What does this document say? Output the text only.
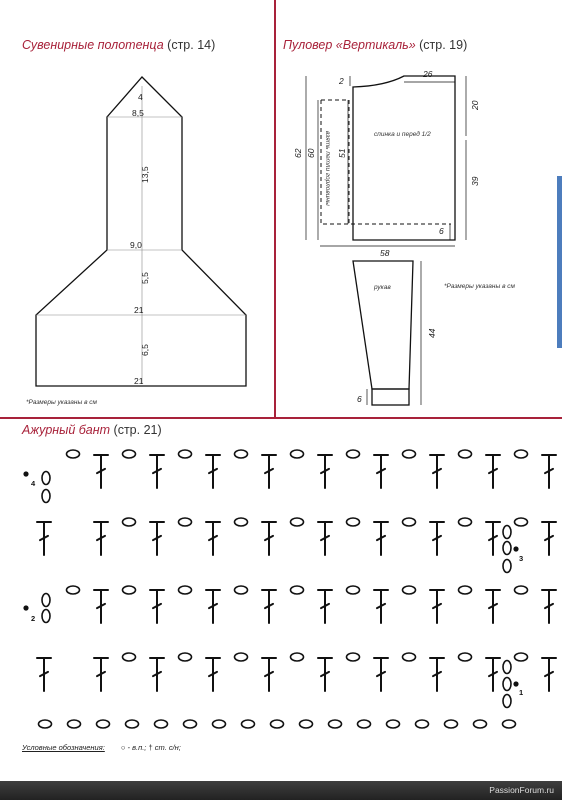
Сувенирные полотенца (стр. 14)	Пуловер «Вертикаль» (стр. 19)
Ажурный бант (стр. 21)
4
8,5
13,5
9,0
5,5
21
6,5
21
*Размеры указаны в см
26
2
20
39
62 60 51
6
58
спинка и перед 1/2
взять петли горловины
рукав
44
6
*Размеры указаны в см
4
3
2
1
Условные обозначения: ○ - в.п.; † ст. с/н;
PassionForum.ru
